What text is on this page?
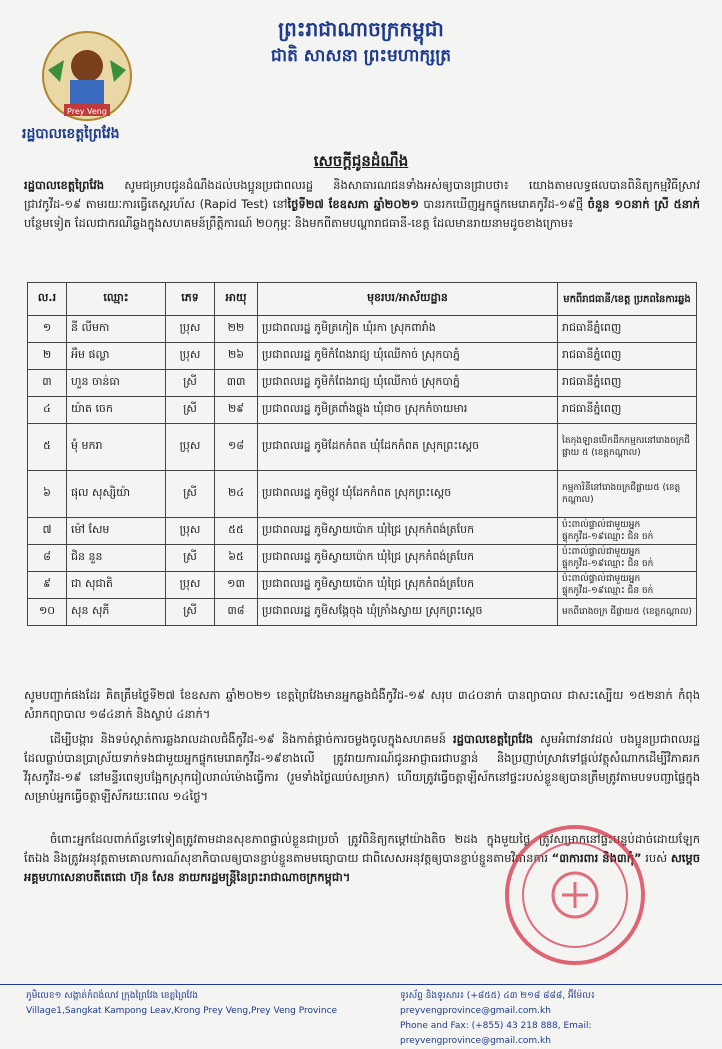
Prey Veng
ព្រះរាជាណាចក្រកម្ពុជា
ជាតិ សាសនា ព្រះមហាក្សត្រ
រដ្ឋបាលខេត្តព្រៃវែង
សេចក្តីជូនដំណឹង
រដ្ឋបាលខេត្តព្រៃវែង សូមជម្រាបជូនដំណឹងដល់បងប្អូនប្រជាពលរដ្ឋ និងសាធារណជនទាំងអស់ឲ្យបានជ្រាបថា៖ យោងតាមលទ្ធផលបានពិនិត្យកម្មវិធីស្រាវជ្រាវកូវីដ-១៩ តាមរយៈការធ្វើតេស្តរហ័ស (Rapid Test) នៅថ្ងៃទី២៧ ខែឧសភា ឆ្នាំ២០២១ បានរកឃើញអ្នកផ្ទុកមេរោគកូវីដ-១៩ថ្មី ចំនួន ១០នាក់ ស្រី ៥នាក់ បន្ថែមទៀត ដែលជាករណីឆ្លងក្នុងសហគមន៍ព្រឹត្តិការណ៍ ២០កុម្ភៈ និងមកពីតាមបណ្តារាជធានី-ខេត្ត ដែលមានរាយនាមដូចខាងក្រោម៖
ល.រ	ឈ្មោះ	ភេទ	អាយុ	មុខរបរ/អាស័យដ្ឋាន	មកពីរាជធានី/ខេត្ត ប្រភពនៃការឆ្លង
១	នី លីមកា	ប្រុស	២២	ប្រជាពលរដ្ឋ ភូមិត្រកៀត ឃុំរកា ស្រុកពារាំង	រាជធានីភ្នំពេញ
២	អឹម ផល្លា	ប្រុស	២៦	ប្រជាពលរដ្ឋ ភូមិកំពែងរាជ្យ ឃុំឈើកាច់ ស្រុកបាភ្នំ	រាជធានីភ្នំពេញ
៣	ហួន ចាន់ធា	ស្រី	៣៣	ប្រជាពលរដ្ឋ ភូមិកំពែងរាជ្យ ឃុំឈើកាច់ ស្រុកបាភ្នំ	រាជធានីភ្នំពេញ
៤	យ៉ាត ចេក	ស្រី	២៩	ប្រជាពលរដ្ឋ ភូមិត្រពាំងផ្លុង ឃុំជាច ស្រុកកំចាយមារ	រាជធានីភ្នំពេញ
៥	មុំ មករា	ប្រុស	១៨	ប្រជាពលរដ្ឋ ភូមិដែកកំពត ឃុំដែកកំពត ស្រុកព្រះស្តេច	តៃកុងឡានបើកដឹកកម្មករនៅរោងចក្រជីផ្លាយ ៥ (ខេត្តកណ្តាល)
៦	ផុល សុស្សិយ៉ា	ស្រី	២៤	ប្រជាពលរដ្ឋ ភូមិថ្កូវ ឃុំដែកកំពត ស្រុកព្រះស្តេច	កម្មការិនីនៅរោងចក្រជីផ្លាយ៥ (ខេត្តកណ្តាល)
៧	ម៉ៅ សែម	ប្រុស	៥៥	ប្រជាពលរដ្ឋ ភូមិស្វាយប៉ោក ឃុំជ្រៃ ស្រុកកំពង់ត្របែក	ប៉ះពាល់ផ្ទាល់ជាមួយអ្នកផ្ទុកកូវីដ-១៩ឈ្មោះ ជិន ចក់
៨	ជិន នួន	ស្រី	៦៥	ប្រជាពលរដ្ឋ ភូមិស្វាយប៉ោក ឃុំជ្រៃ ស្រុកកំពង់ត្របែក	ប៉ះពាល់ផ្ទាល់ជាមួយអ្នកផ្ទុកកូវីដ-១៩ឈ្មោះ ជិន ចក់
៩	ជា សុជាតិ	ប្រុស	១៣	ប្រជាពលរដ្ឋ ភូមិស្វាយប៉ោក ឃុំជ្រៃ ស្រុកកំពង់ត្របែក	ប៉ះពាល់ផ្ទាល់ជាមួយអ្នកផ្ទុកកូវីដ-១៩ឈ្មោះ ជិន ចក់
១០	សុន សុភី	ស្រី	៣៨	ប្រជាពលរដ្ឋ ភូមិសង្កែចុង ឃុំក្រាំងស្វាយ ស្រុកព្រះស្តេច	មកពីរោងចក្រ ជីផ្លាយ៥ (ខេត្តកណ្តាល)
សូមបញ្ជាក់ផងដែរ គិតត្រឹមថ្ងៃទី២៧ ខែឧសភា ឆ្នាំ២០២១ ខេត្តព្រៃវែងមានអ្នកឆ្លងជំងឺកូវីដ-១៩ សរុប ៣៤០នាក់ បានព្យាបាល ជាសះស្បើយ ១៥២នាក់ កំពុងសំរាកព្យាបាល ១៨៤នាក់ និងស្លាប់ ៤នាក់។
ដើម្បីបង្ការ និងទប់ស្កាត់ការឆ្លងរាលដាលជំងឺកូវីដ-១៩ និងកាត់ផ្តាច់ការចម្លងចូលក្នុងសហគមន៍ រដ្ឋបាលខេត្តព្រៃវែង សូមអំពាវនាវដល់ បងប្អូនប្រជាពលរដ្ឋ ដែលធ្លាប់បានប្រាស្រ័យទាក់ទងជាមួយអ្នកផ្ទុកមេរោគកូវីដ-១៩ខាងលើ ត្រូវរាយការណ៍ជូនអាជ្ញាធរជាបន្ទាន់ និងប្រញាប់ស្រាវទៅផ្តល់វត្ថុសំណាកដើម្បីវិភាគរកវីរុសកូវីដ-១៩ នៅមន្ទីរពេទ្យបង្អែកស្រុករៀលរាល់ម៉ោងធ្វើការ (រួមទាំងថ្ងៃឈប់សម្រាក) ហើយត្រូវធ្វើចត្តាឡីស័កនៅផ្ទះរបស់ខ្លួនឲ្យបានត្រឹមត្រូវតាមបទបញ្ជាផ្ទៃក្នុងសម្រាប់អ្នកធ្វើចត្តាឡីស័ករយៈពេល ១៤ថ្ងៃ។
ចំពោះអ្នកដែលពាក់ព័ន្ធទៅទៀតត្រូវតាមដានសុខភាពផ្ទាល់ខ្លួនជាប្រចាំ ត្រូវពិនិត្យកម្តៅយ៉ាងតិច ២ដង ក្នុងមួយថ្ងៃ ត្រូវសម្រាកនៅផ្ទះបន្ទប់ដាច់ដោយឡែកតែឯង និងត្រូវអនុវត្តតាមគោលការណ៍សុខាភិបាលឲ្យបានខ្ជាប់ខ្ជួនតាមមធ្យោបាយ ជាពិសេសអនុវត្តឲ្យបានខ្ជាប់ខ្ជួនតាមវិធានការ “៣ការពារ និង៣កុំ” របស់ សម្តេចអគ្គមហាសេនាបតីតេជោ ហ៊ុន សែន នាយករដ្ឋមន្ត្រីនៃព្រះរាជាណាចក្រកម្ពុជា។
ភូមិលេខ១ សង្កាត់កំពង់លាវ ក្រុងព្រៃវែង ខេត្តព្រៃវែង
Village1,Sangkat Kampong Leav,Krong Prey Veng,Prey Veng Province
ទូរស័ព្ទ និងទូរសារ៖ (+៨៥៥) ៤៣ ២១៨ ៨៨៨, អ៊ីម៉ែល៖ preyvengprovince@gmail.com.kh
Phone and Fax: (+855) 43 218 888, Email: preyvengprovince@gmail.com.kh
